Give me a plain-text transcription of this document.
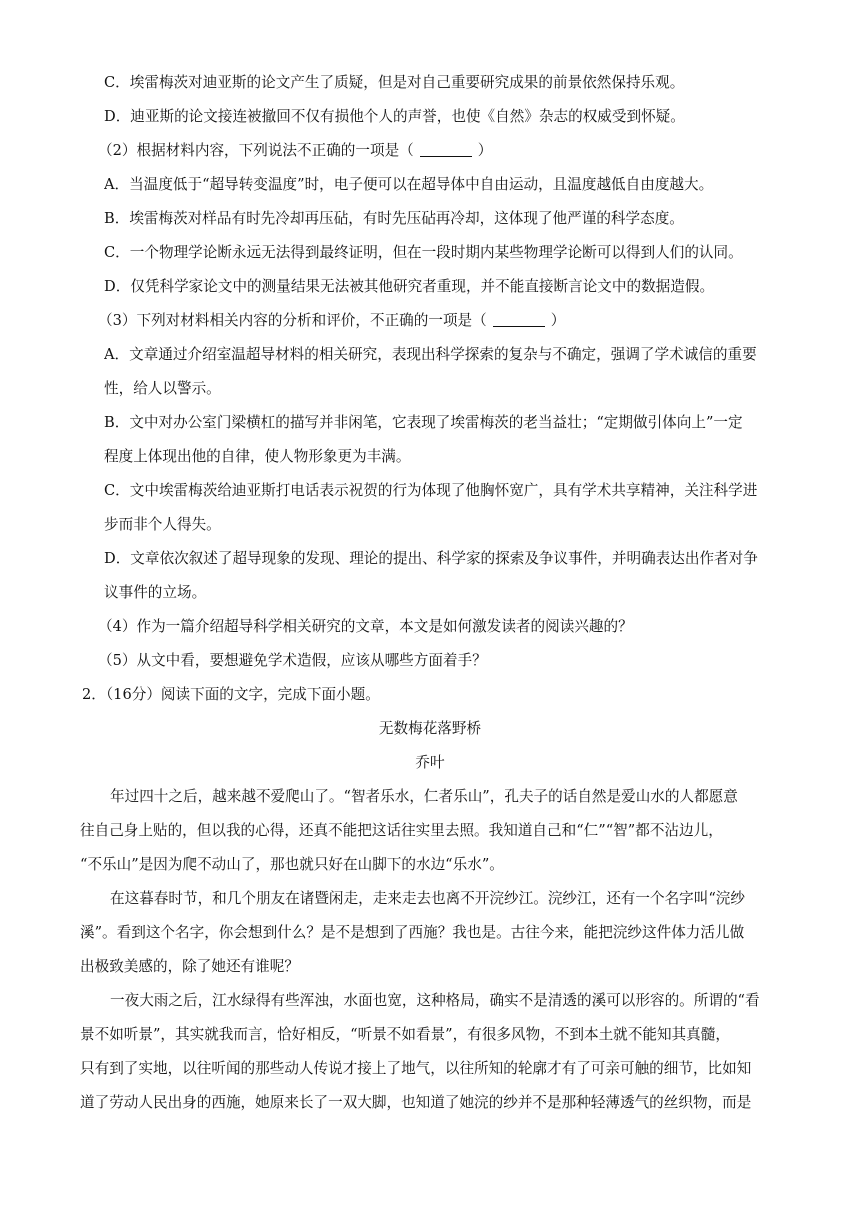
C．埃雷梅茨对迪亚斯的论文产生了质疑，但是对自己重要研究成果的前景依然保持乐观。
D．迪亚斯的论文接连被撤回不仅有损他个人的声誉，也使《自然》杂志的权威受到怀疑。
（2）根据材料内容，下列说法不正确的一项是（	）
A．当温度低于“超导转变温度”时，电子便可以在超导体中自由运动，且温度越低自由度越大。
B．埃雷梅茨对样品有时先冷却再压砧，有时先压砧再冷却，这体现了他严谨的科学态度。
C．一个物理学论断永远无法得到最终证明，但在一段时期内某些物理学论断可以得到人们的认同。
D．仅凭科学家论文中的测量结果无法被其他研究者重现，并不能直接断言论文中的数据造假。
（3）下列对材料相关内容的分析和评价，不正确的一项是（	）
A．文章通过介绍室温超导材料的相关研究，表现出科学探索的复杂与不确定，强调了学术诚信的重要
性，给人以警示。
B．文中对办公室门梁横杠的描写并非闲笔，它表现了埃雷梅茨的老当益壮；“定期做引体向上”一定
程度上体现出他的自律，使人物形象更为丰满。
C．文中埃雷梅茨给迪亚斯打电话表示祝贺的行为体现了他胸怀宽广，具有学术共享精神，关注科学进
步而非个人得失。
D．文章依次叙述了超导现象的发现、理论的提出、科学家的探索及争议事件，并明确表达出作者对争
议事件的立场。
（4）作为一篇介绍超导科学相关研究的文章，本文是如何激发读者的阅读兴趣的？
（5）从文中看，要想避免学术造假，应该从哪些方面着手？
2．（16分）阅读下面的文字，完成下面小题。
无数梅花落野桥
乔叶
年过四十之后，越来越不爱爬山了。“智者乐水，仁者乐山”，孔夫子的话自然是爱山水的人都愿意
往自己身上贴的，但以我的心得，还真不能把这话往实里去照。我知道自己和“仁”“智”都不沾边儿，
“不乐山”是因为爬不动山了，那也就只好在山脚下的水边“乐水”。
在这暮春时节，和几个朋友在诸暨闲走，走来走去也离不开浣纱江。浣纱江，还有一个名字叫“浣纱
溪”。看到这个名字，你会想到什么？是不是想到了西施？我也是。古往今来，能把浣纱这件体力活儿做
出极致美感的，除了她还有谁呢？
一夜大雨之后，江水绿得有些浑浊，水面也宽，这种格局，确实不是清透的溪可以形容的。所谓的“看
景不如听景”，其实就我而言，恰好相反，“听景不如看景”，有很多风物，不到本土就不能知其真髓，
只有到了实地，以往听闻的那些动人传说才接上了地气，以往所知的轮廓才有了可亲可触的细节，比如知
道了劳动人民出身的西施，她原来长了一双大脚，也知道了她浣的纱并不是那种轻薄透气的丝织物，而是
